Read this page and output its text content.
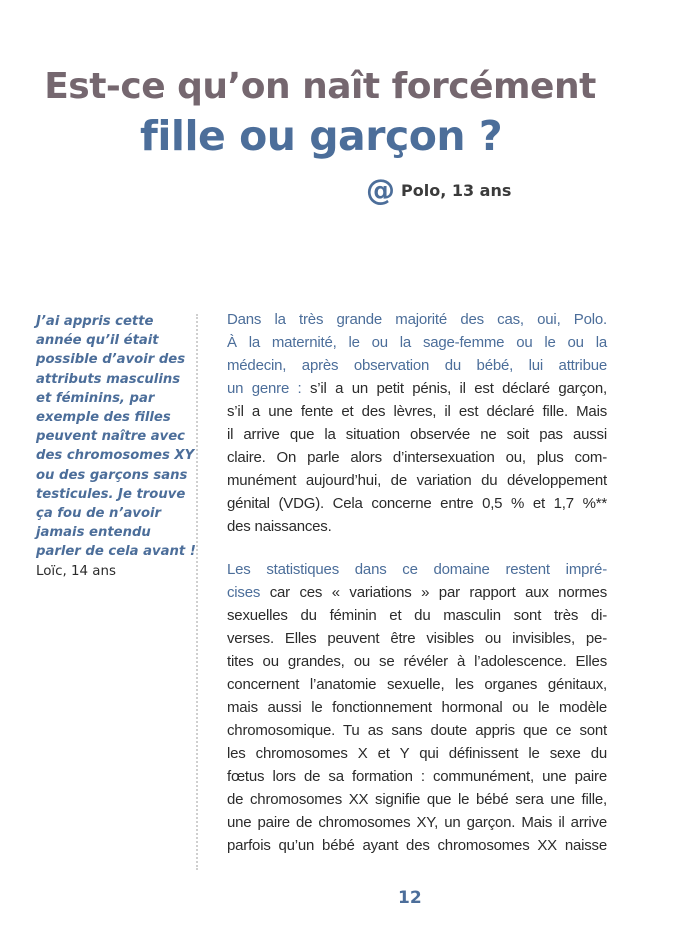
Est-ce qu’on naît forcément
fille ou garçon ?
@ Polo, 13 ans

J’ai appris cette
année qu’il était
possible d’avoir des
attributs masculins
et féminins, par
exemple des filles
peuvent naître avec
des chromosomes XY
ou des garçons sans
testicules. Je trouve
ça fou de n’avoir
jamais entendu
parler de cela avant !

Loïc, 14 ans

Dans la très grande majorité des cas, oui, Polo.
À la maternité, le ou la sage-femme ou le ou la
médecin, après observation du bébé, lui attribue
un genre : s’il a un petit pénis, il est déclaré garçon,
s’il a une fente et des lèvres, il est déclaré fille. Mais
il arrive que la situation observée ne soit pas aussi
claire. On parle alors d’intersexuation ou, plus com-
munément aujourd’hui, de variation du développement
génital (VDG). Cela concerne entre 0,5 % et 1,7 %**
des naissances.
Les statistiques dans ce domaine restent impré-
cises car ces « variations » par rapport aux normes
sexuelles du féminin et du masculin sont très di-
verses. Elles peuvent être visibles ou invisibles, pe-
tites ou grandes, ou se révéler à l’adolescence. Elles
concernent l’anatomie sexuelle, les organes génitaux,
mais aussi le fonctionnement hormonal ou le modèle
chromosomique. Tu as sans doute appris que ce sont
les chromosomes X et Y qui définissent le sexe du
fœtus lors de sa formation : communément, une paire
de chromosomes XX signifie que le bébé sera une fille,
une paire de chromosomes XY, un garçon. Mais il arrive
parfois qu’un bébé ayant des chromosomes XX naisse
12
